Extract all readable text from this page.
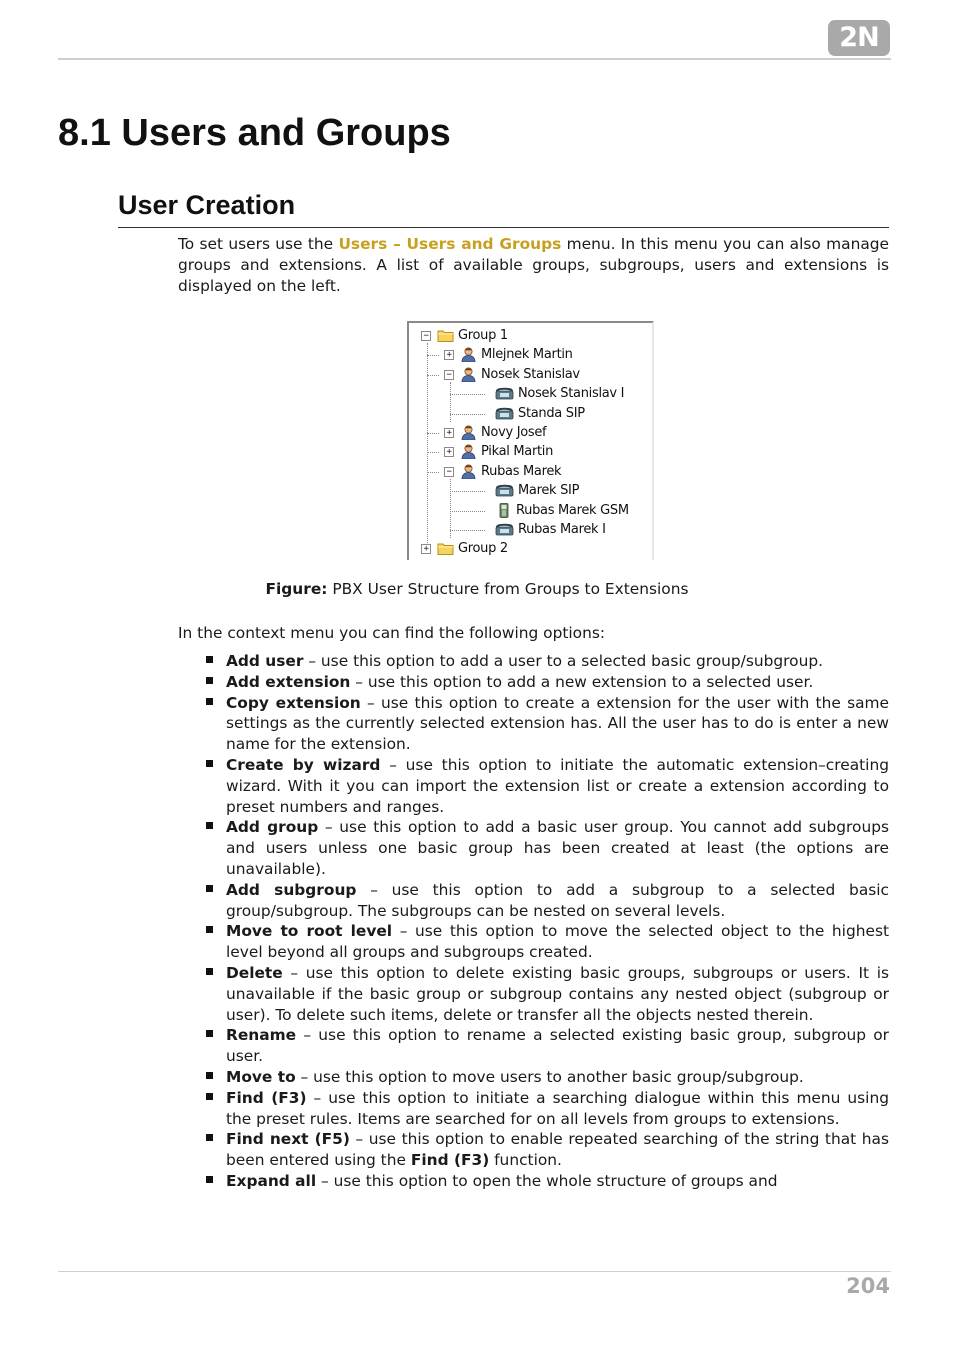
2N
8.1 Users and Groups
User Creation

To set users use the Users – Users and Groups menu. In this menu you can also manage groups and extensions. A list of available groups, subgroups, users and extensions is displayed on the left.

− Group 1
+ Mlejnek Martin
− Nosek Stanislav
Nosek Stanislav I
Standa SIP
+ Novy Josef
+ Pikal Martin
− Rubas Marek
Marek SIP
Rubas Marek GSM
Rubas Marek I
+ Group 2

Figure: PBX User Structure from Groups to Extensions

In the context menu you can find the following options:

Add user – use this option to add a user to a selected basic group/subgroup.
Add extension – use this option to add a new extension to a selected user.
Copy extension – use this option to create a extension for the user with the same settings as the currently selected extension has. All the user has to do is enter a new name for the extension.
Create by wizard – use this option to initiate the automatic extension–creating wizard. With it you can import the extension list or create a extension according to preset numbers and ranges.
Add group – use this option to add a basic user group. You cannot add subgroups and users unless one basic group has been created at least (the options are unavailable).
Add subgroup – use this option to add a subgroup to a selected basic group/subgroup. The subgroups can be nested on several levels.
Move to root level – use this option to move the selected object to the highest level beyond all groups and subgroups created.
Delete – use this option to delete existing basic groups, subgroups or users. It is unavailable if the basic group or subgroup contains any nested object (subgroup or user). To delete such items, delete or transfer all the objects nested therein.
Rename – use this option to rename a selected existing basic group, subgroup or user.
Move to – use this option to move users to another basic group/subgroup.
Find (F3) – use this option to initiate a searching dialogue within this menu using the preset rules. Items are searched for on all levels from groups to extensions.
Find next (F5) – use this option to enable repeated searching of the string that has been entered using the Find (F3) function.
Expand all – use this option to open the whole structure of groups and

204
